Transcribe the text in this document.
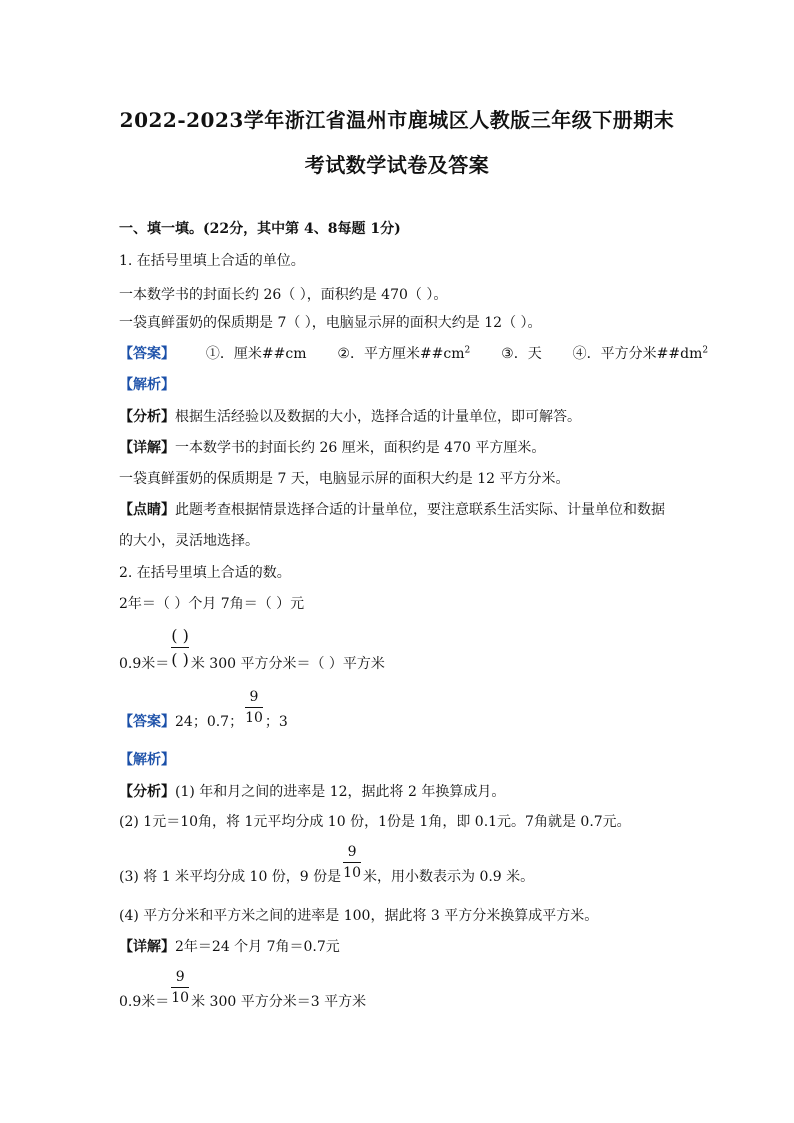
2022-2023学年浙江省温州市鹿城区人教版三年级下册期末
考试数学试卷及答案
一、填一填。(22分，其中第 4、8每题 1分)
1. 在括号里填上合适的单位。
一本数学书的封面长约 26（ ），面积约是 470（ ）。
一袋真鲜蛋奶的保质期是 7（ ），电脑显示屏的面积大约是 12（ ）。
【答案】 ①．厘米##cm ②．平方厘米$\#\#cm^2$ ③．天 ④．平方分米$\#\#dm^2$
【解析】
【分析】根据生活经验以及数据的大小，选择合适的计量单位，即可解答。
【详解】一本数学书的封面长约 26 厘米，面积约是 470 平方厘米。
一袋真鲜蛋奶的保质期是 7 天，电脑显示屏的面积大约是 12 平方分米。
【点睛】此题考查根据情景选择合适的计量单位，要注意联系生活实际、计量单位和数据
的大小，灵活地选择。
2. 在括号里填上合适的数。
2年＝（ ）个月 7角＝（ ）元
0.9米＝
( )
( ) 米 300 平方分米＝（ ）平方米
【答案】24；0.7； $\frac{9}{10}$ ；3
【解析】
【分析】(1) 年和月之间的进率是 12，据此将 2 年换算成月。
(2) 1元＝10角，将 1元平均分成 10 份，1份是 1角，即 0.1元。7角就是 0.7元。
(3) 将 1 米平均分成 10 份，9 份是 $\frac{9}{10}$ 米，用小数表示为 0.9 米。
(4) 平方分米和平方米之间的进率是 100，据此将 3 平方分米换算成平方米。
【详解】2年＝24 个月 7角＝0.7元
0.9米＝ $\frac{9}{10}$ 米 300 平方分米＝3 平方米
